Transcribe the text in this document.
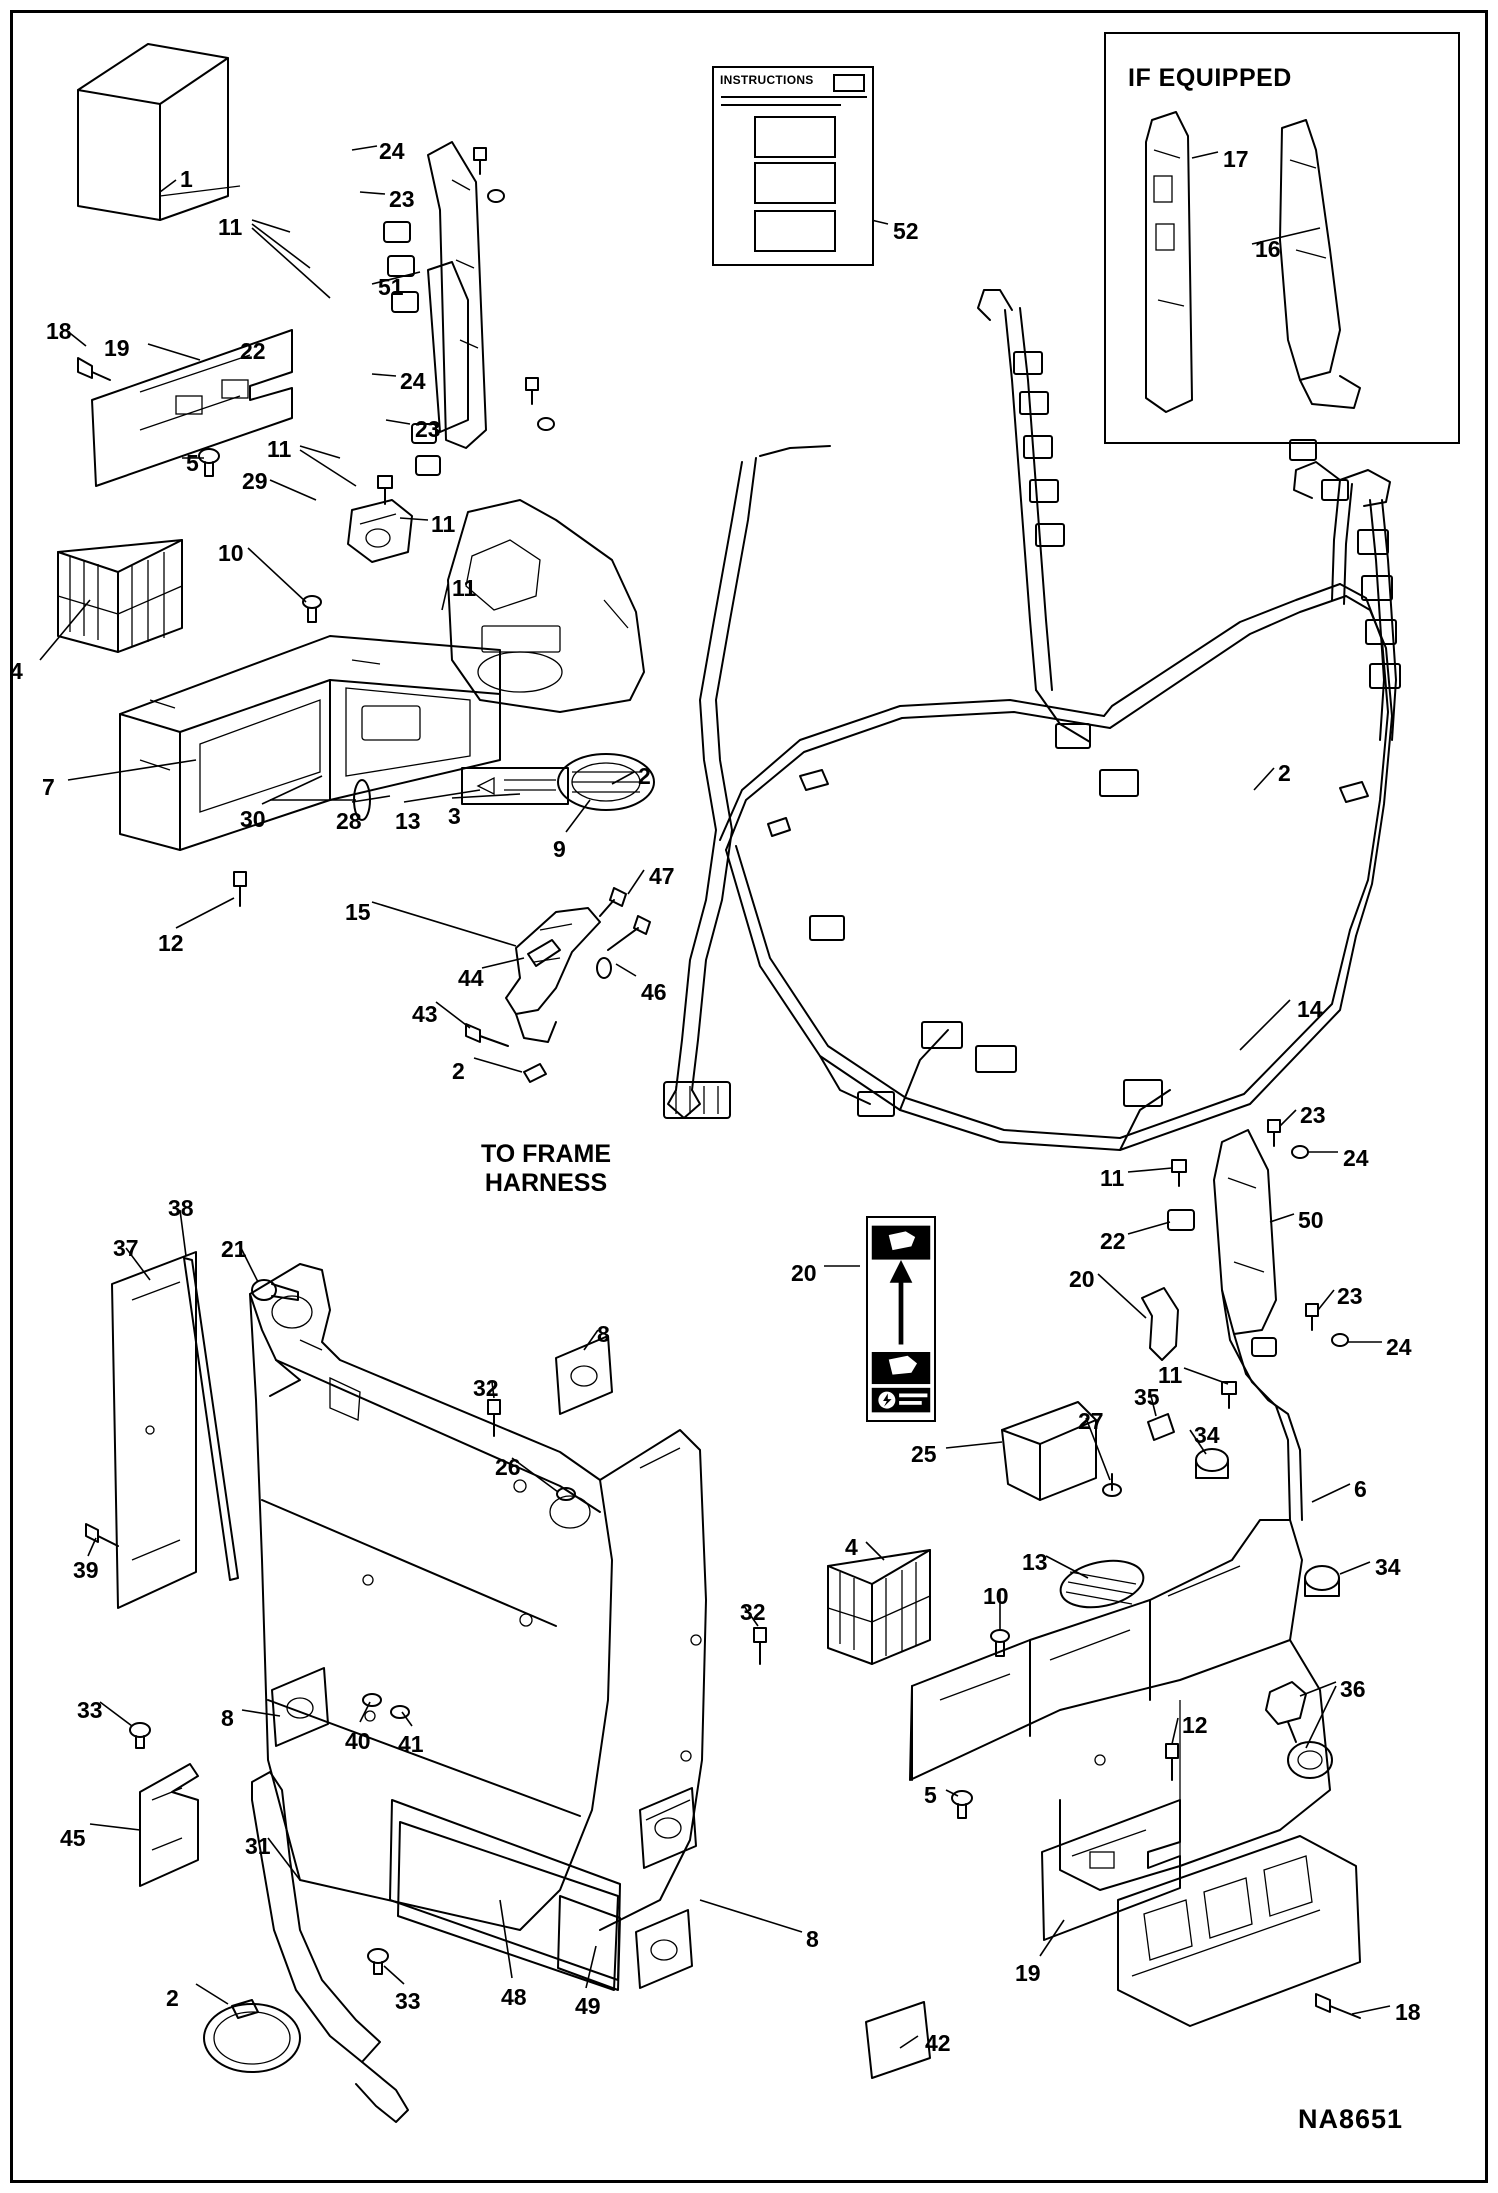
IF EQUIPPED
INSTRUCTIONS
TO FRAME
HARNESS
NA8651
1
24
23
11
51
22
18
19
5
24
23
11
29
10
11
11
4
7
30	28 13 3
12
2
9
2
15
47
46
44
43
2
14
17
16
52
23
24
11
22
50
20	20
23
24
11
35
34
25
27
6
13	34
4
10
36
12
5
19
18
37
38
21
8
32
26
39
32
33	8
40 41
45	31
2	33	48 49
8
42
